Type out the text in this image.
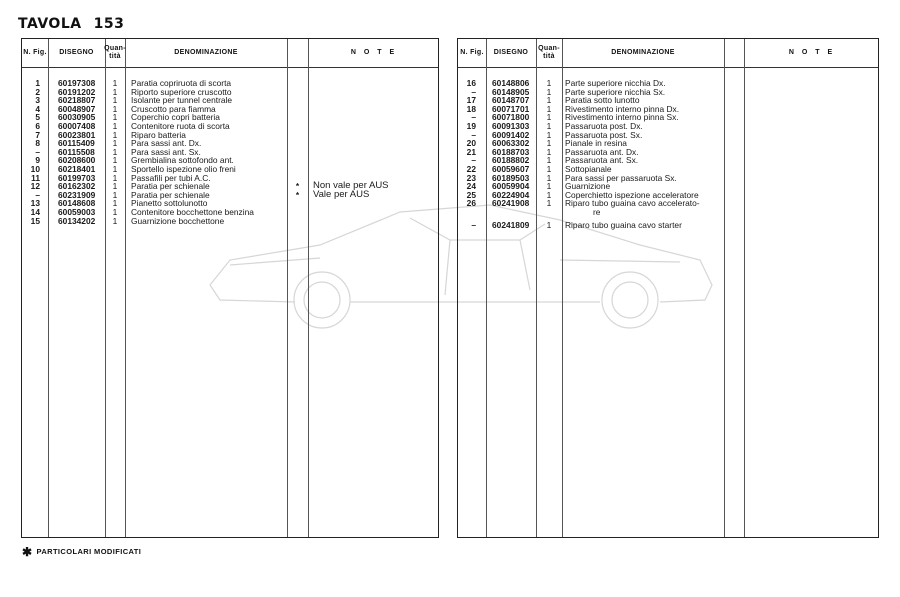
TAVOLA 153
N. Fig.	DISEGNO
Quan- tità
DENOMINAZIONE	N O T E
1 60197308	1	Paratia copriruota di scorta
2 60191202	1	Riporto superiore cruscotto
3 60218807	1	Isolante per tunnel centrale
4 60048907	1	Cruscotto para fiamma
5 60030905	1	Coperchio copri batteria
6 60007408	1	Contenitore ruota di scorta
7 60023801	1	Riparo batteria
8 60115409	1	Para sassi ant. Dx.
– 60115508	1	Para sassi ant. Sx.
9 60208600	1	Grembialina sottofondo ant.
10 60218401	1	Sportello ispezione olio freni
11 60199703	1	Passafili per tubi A.C.
12 60162302	1	Paratia per schienale	*	Non vale per AUS
– 60231909	1	Paratia per schienale	*	Vale per AUS
13 60148608	1	Pianetto sottolunotto
14 60059003	1	Contenitore bocchettone benzina
15 60134202	1	Guarnizione bocchettone
N. Fig.	DISEGNO
Quan- tità
DENOMINAZIONE	N O T E
16 60148806	1	Parte superiore nicchia Dx.
– 60148905	1	Parte superiore nicchia Sx.
17 60148707	1	Paratia sotto lunotto
18 60071701	1	Rivestimento interno pinna Dx.
– 60071800	1	Rivestimento interno pinna Sx.
19 60091303	1	Passaruota post. Dx.
– 60091402	1	Passaruota post. Sx.
20 60063302	1	Pianale in resina
21 60188703	1	Passaruota ant. Dx.
– 60188802	1	Passaruota ant. Sx.
22 60059607	1	Sottopianale
23 60189503	1	Para sassi per passaruota Sx.
24 60059904	1	Guarnizione
25 60224904	1	Coperchietto ispezione acceleratore
26 60241908	1	Riparo tubo guaina cavo accelerato-
re
– 60241809	1	Riparo tubo guaina cavo starter
✱ PARTICOLARI MODIFICATI
